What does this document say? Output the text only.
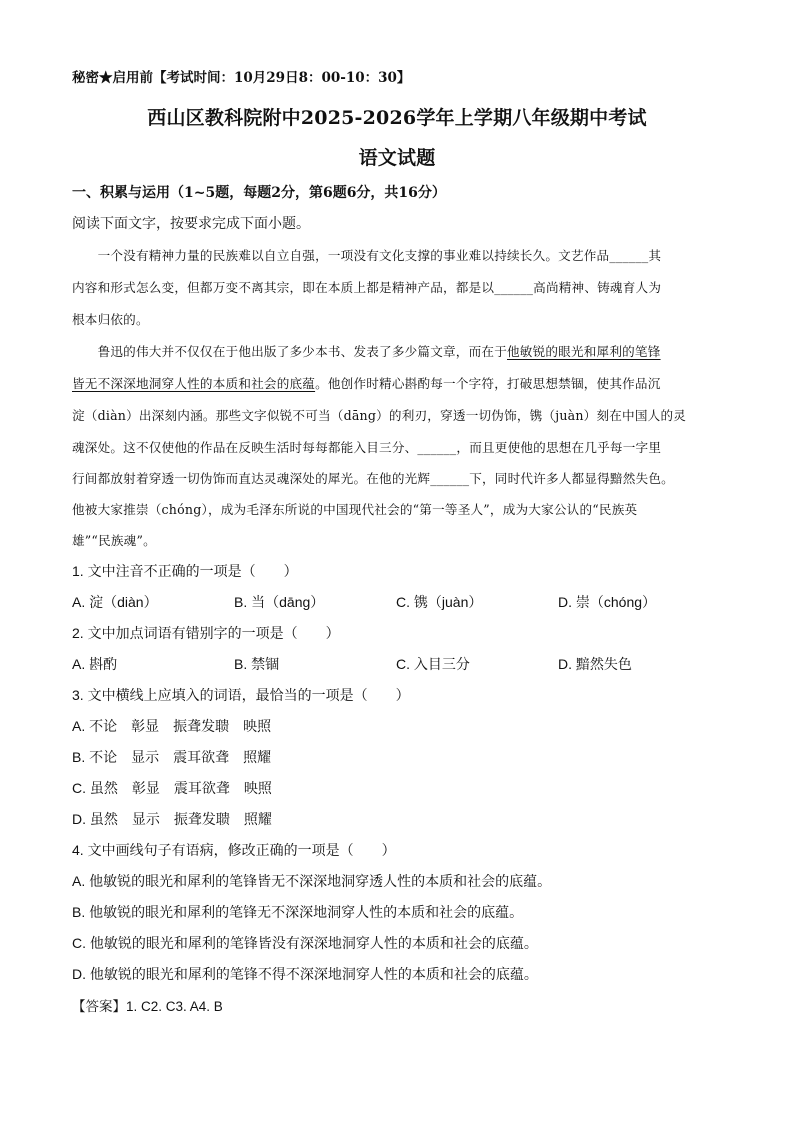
秘密★启用前【考试时间：10月29日8：00-10：30】
西山区教科院附中2025-2026学年上学期八年级期中考试
语文试题
一、积累与运用（1~5题，每题2分，第6题6分，共16分）
阅读下面文字，按要求完成下面小题。
　　一个没有精神力量的民族难以自立自强，一项没有文化支撑的事业难以持续长久。文艺作品______其
内容和形式怎么变，但都万变不离其宗，即在本质上都是精神产品，都是以______高尚精神、铸魂育人为
根本归依的。
　　鲁迅的伟大并不仅仅在于他出版了多少本书、发表了多少篇文章，而在于他敏锐的眼光和犀利的笔锋
皆无不深深地洞穿人性的本质和社会的底蕴。他创作时精心斟酌每一个字符，打破思想禁锢，使其作品沉
淀（diàn）出深刻内涵。那些文字似锐不可当（dāng）的利刃，穿透一切伪饰，镌（juàn）刻在中国人的灵
魂深处。这不仅使他的作品在反映生活时每每都能入目三分、______，而且更使他的思想在几乎每一字里
行间都放射着穿透一切伪饰而直达灵魂深处的犀光。在他的光辉______下，同时代许多人都显得黯然失色。
他被大家推崇（chóng），成为毛泽东所说的中国现代社会的“第一等圣人”，成为大家公认的“民族英
雄”“民族魂”。
1. 文中注音不正确的一项是（　　）
A. 淀（diàn）	B. 当（dāng）	C. 镌（juàn）	D. 崇（chóng）
2. 文中加点词语有错别字的一项是（　　）
A. 斟酌	B. 禁锢	C. 入目三分	D. 黯然失色
3. 文中横线上应填入的词语，最恰当的一项是（　　）
A. 不论　彰显　振聋发聩　映照
B. 不论　显示　震耳欲聋　照耀
C. 虽然　彰显　震耳欲聋　映照
D. 虽然　显示　振聋发聩　照耀
4. 文中画线句子有语病，修改正确的一项是（　　）
A. 他敏锐的眼光和犀利的笔锋皆无不深深地洞穿透人性的本质和社会的底蕴。
B. 他敏锐的眼光和犀利的笔锋无不深深地洞穿人性的本质和社会的底蕴。
C. 他敏锐的眼光和犀利的笔锋皆没有深深地洞穿人性的本质和社会的底蕴。
D. 他敏锐的眼光和犀利的笔锋不得不深深地洞穿人性的本质和社会的底蕴。
【答案】1. C2. C3. A4. B
